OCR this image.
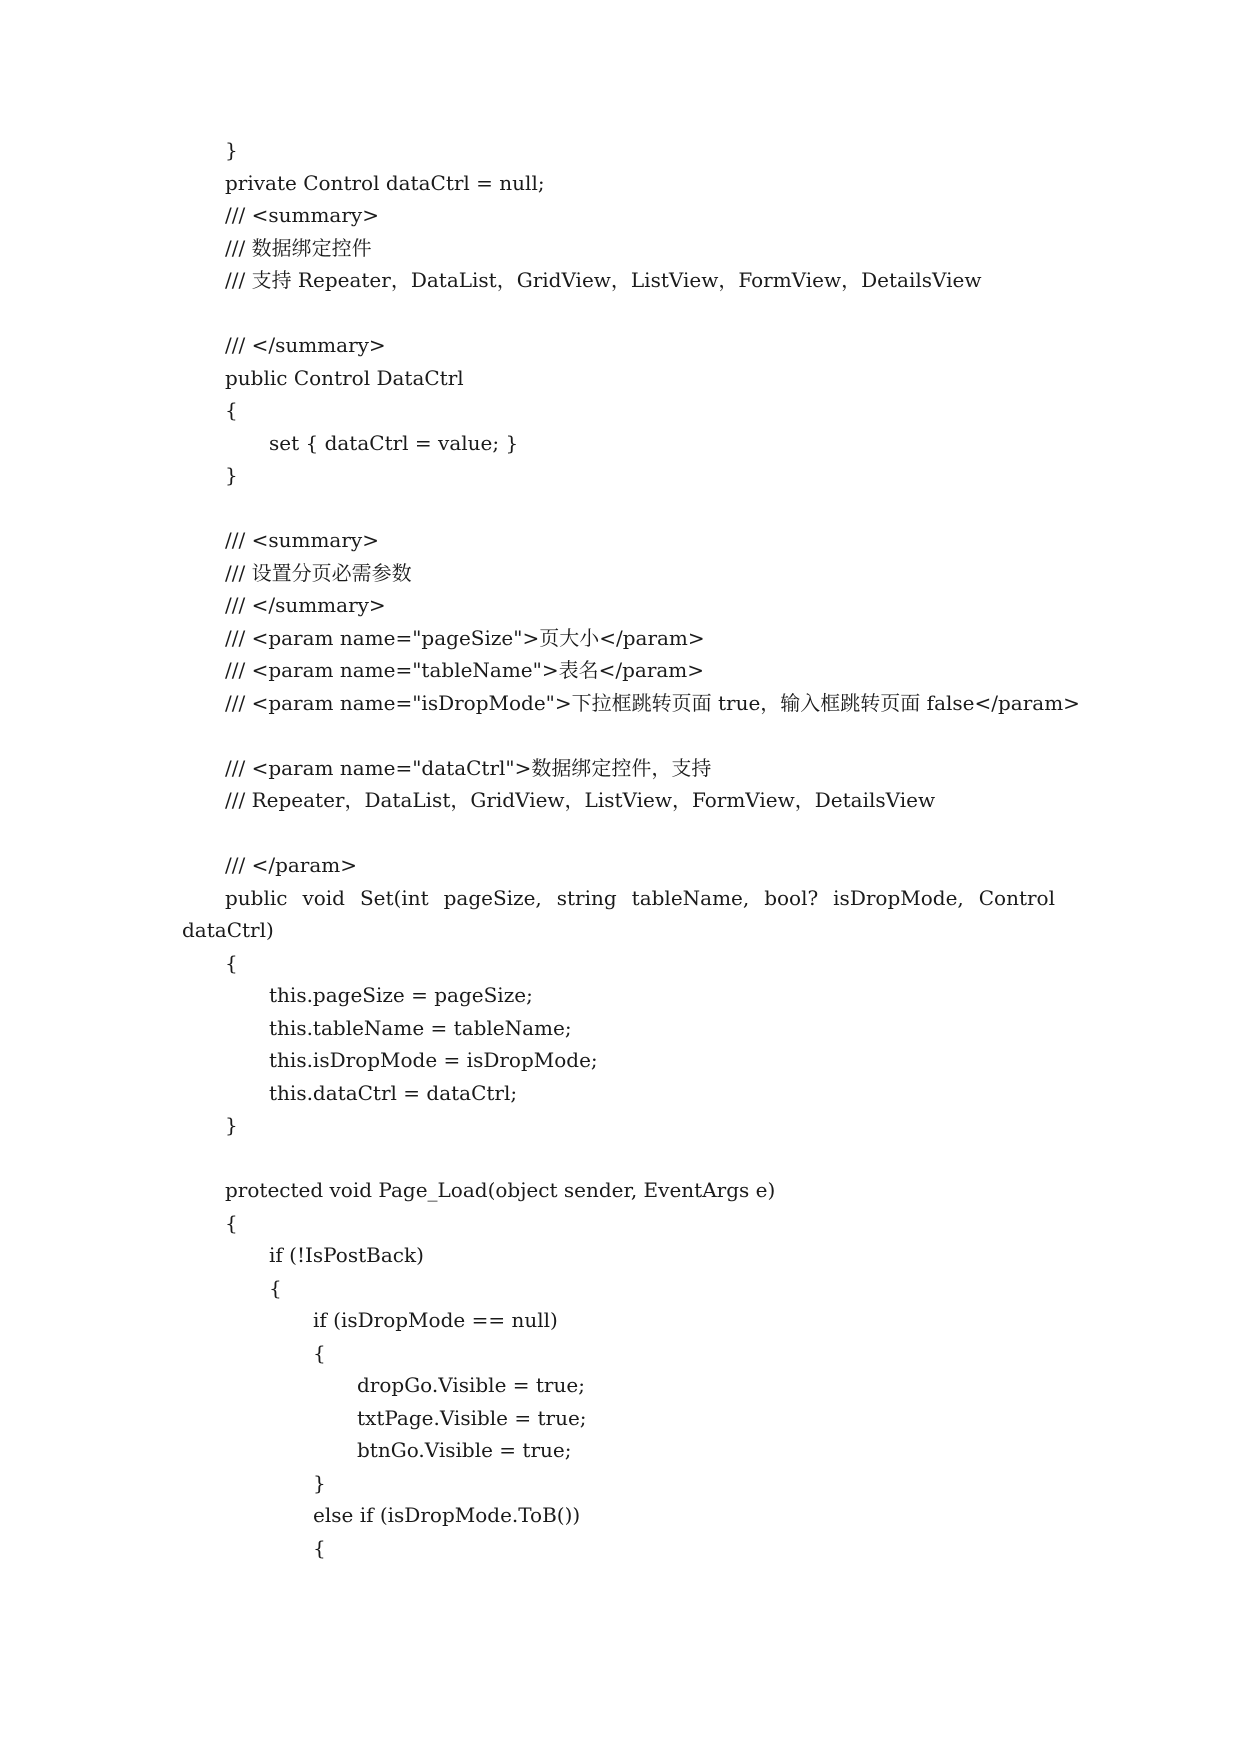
}
private Control dataCtrl = null;
/// <summary>
/// 数据绑定控件
/// 支持 Repeater，DataList，GridView，ListView，FormView，DetailsView
/// </summary>
public Control DataCtrl
{
set { dataCtrl = value; }
}
/// <summary>
/// 设置分页必需参数
/// </summary>
/// <param name="pageSize">页大小</param>
/// <param name="tableName">表名</param>
/// <param name="isDropMode">下拉框跳转页面 true，输入框跳转页面 false</param>
/// <param name="dataCtrl">数据绑定控件，支持
/// Repeater，DataList，GridView，ListView，FormView，DetailsView
/// </param>
public void Set(int pageSize, string tableName, bool? isDropMode, Control
dataCtrl)
{
this.pageSize = pageSize;
this.tableName = tableName;
this.isDropMode = isDropMode;
this.dataCtrl = dataCtrl;
}
protected void Page_Load(object sender, EventArgs e)
{
if (!IsPostBack)
{
if (isDropMode == null)
{
dropGo.Visible = true;
txtPage.Visible = true;
btnGo.Visible = true;
}
else if (isDropMode.ToB())
{
